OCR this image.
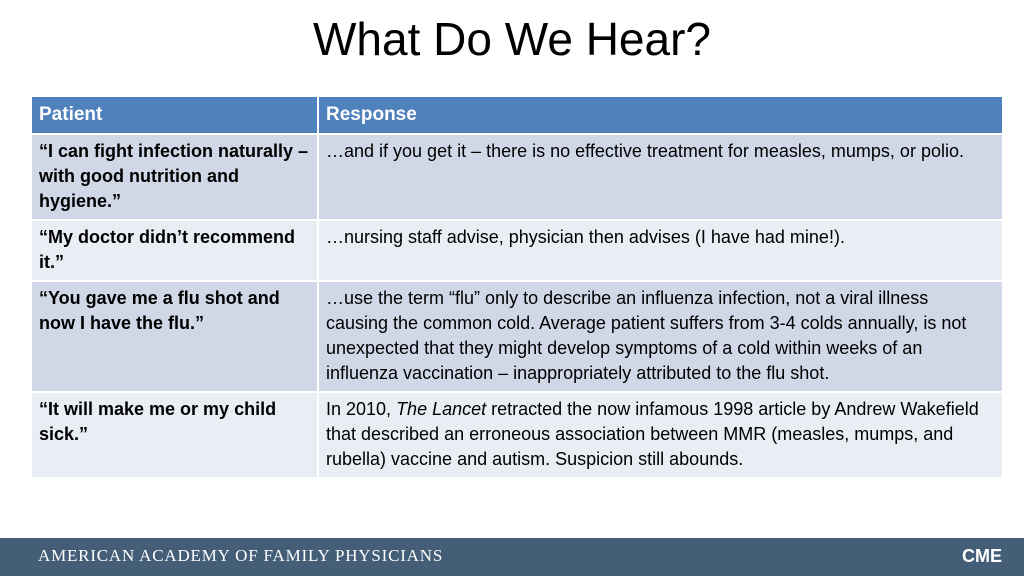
What Do We Hear?
Patient	Response
“I can fight infection naturally – with good nutrition and hygiene.”	…and if you get it – there is no effective treatment for measles, mumps, or polio.
“My doctor didn’t recommend it.”	…nursing staff advise, physician then advises (I have had mine!).
“You gave me a flu shot and now I have the flu.”	…use the term “flu” only to describe an influenza infection, not a viral illness causing the common cold. Average patient suffers from 3-4 colds annually, is not unexpected that they might develop symptoms of a cold within weeks of an influenza vaccination – inappropriately attributed to the flu shot.
“It will make me or my child sick.”	In 2010, The Lancet retracted the now infamous 1998 article by Andrew Wakefield that described an erroneous association between MMR (measles, mumps, and rubella) vaccine and autism. Suspicion still abounds.
AMERICAN ACADEMY OF FAMILY PHYSICIANS	CME
